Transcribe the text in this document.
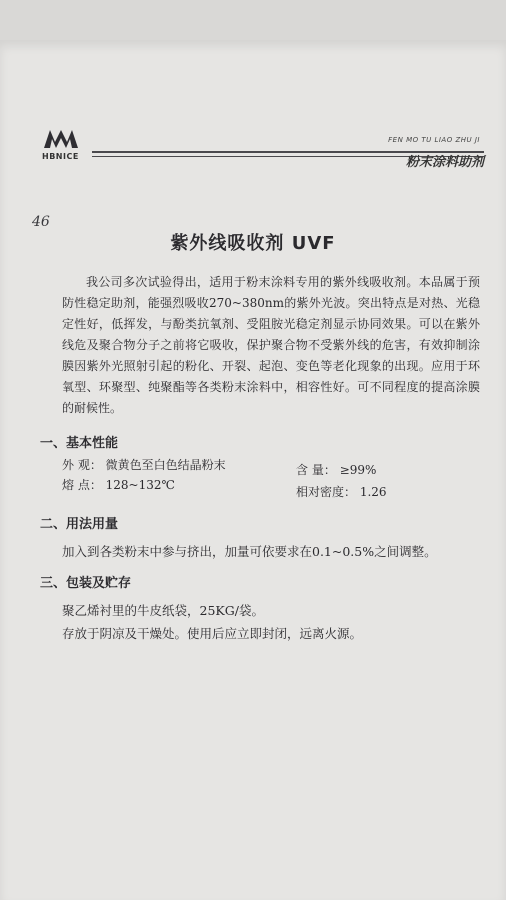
HBNICE
FEN MO TU LIAO ZHU JI
粉末涂料助剂
46
紫外线吸收剂 UVF

我公司多次试验得出，适用于粉末涂料专用的紫外线吸收剂。本品属于预防性稳定助剂，能强烈吸收270~380nm的紫外光波。突出特点是对热、光稳定性好，低挥发，与酚类抗氧剂、受阻胺光稳定剂显示协同效果。可以在紫外线危及聚合物分子之前将它吸收，保护聚合物不受紫外线的危害，有效抑制涂膜因紫外光照射引起的粉化、开裂、起泡、变色等老化现象的出现。应用于环氧型、环聚型、纯聚酯等各类粉末涂料中，相容性好。可不同程度的提高涂膜的耐候性。

一、基本性能
外 观： 微黄色至白色结晶粉末
熔 点： 128~132℃
含 量： ≥99%
相对密度： 1.26
二、用法用量
加入到各类粉末中参与挤出，加量可依要求在0.1~0.5%之间调整。
三、包装及贮存
聚乙烯衬里的牛皮纸袋，25KG/袋。
存放于阴凉及干燥处。使用后应立即封闭，远离火源。
